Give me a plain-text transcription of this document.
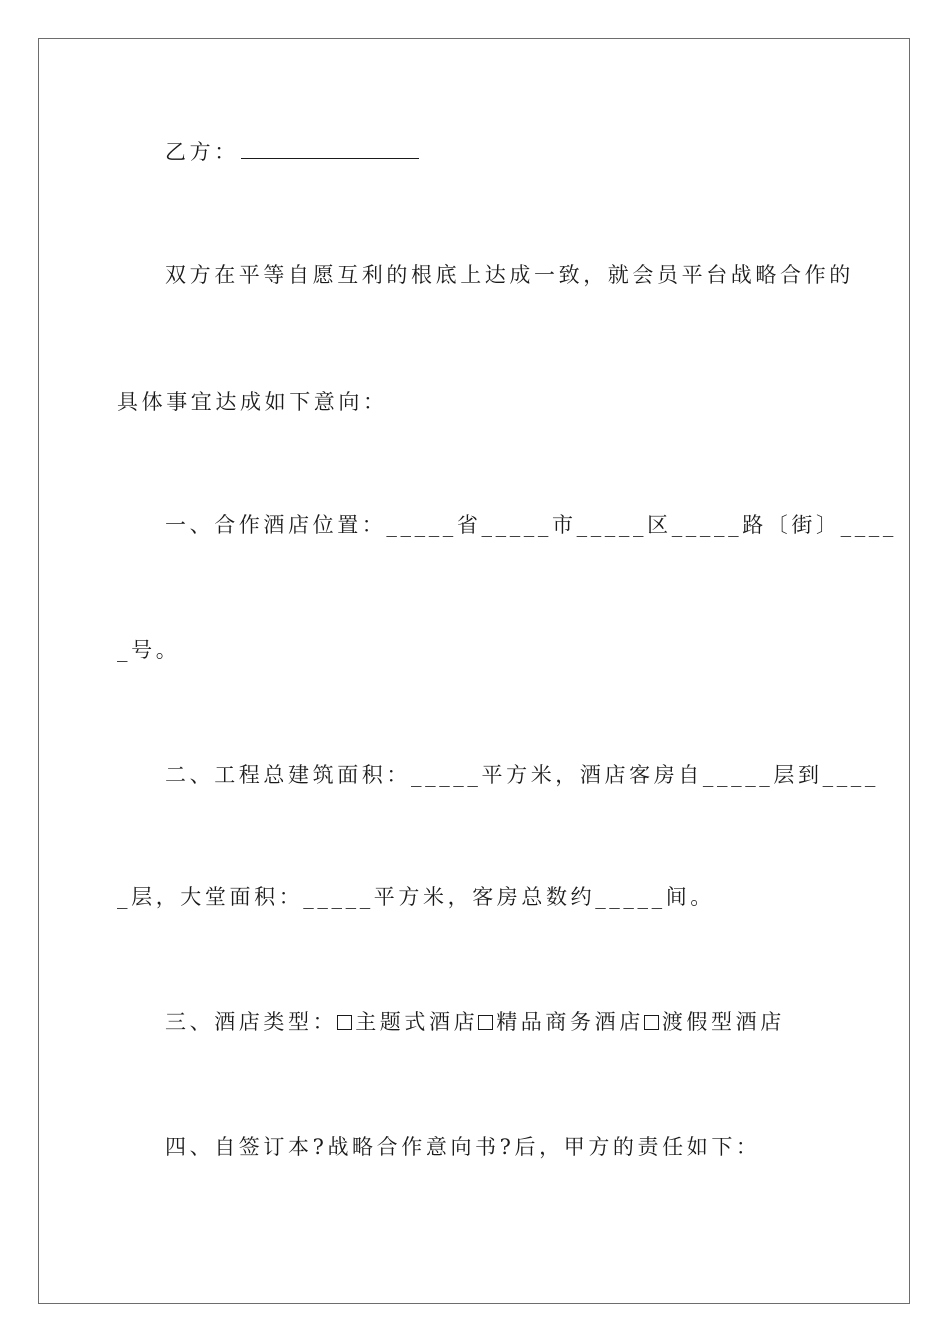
乙方：

双方在平等自愿互利的根底上达成一致，就会员平台战略合作的

具体事宜达成如下意向：

一、合作酒店位置：_____省_____市_____区_____路〔街〕____

_号。

二、工程总建筑面积：_____平方米，酒店客房自_____层到____

_层，大堂面积：_____平方米，客房总数约_____间。

三、酒店类型： 主题式酒店 精品商务酒店 渡假型酒店

四、自签订本?战略合作意向书?后，甲方的责任如下：
